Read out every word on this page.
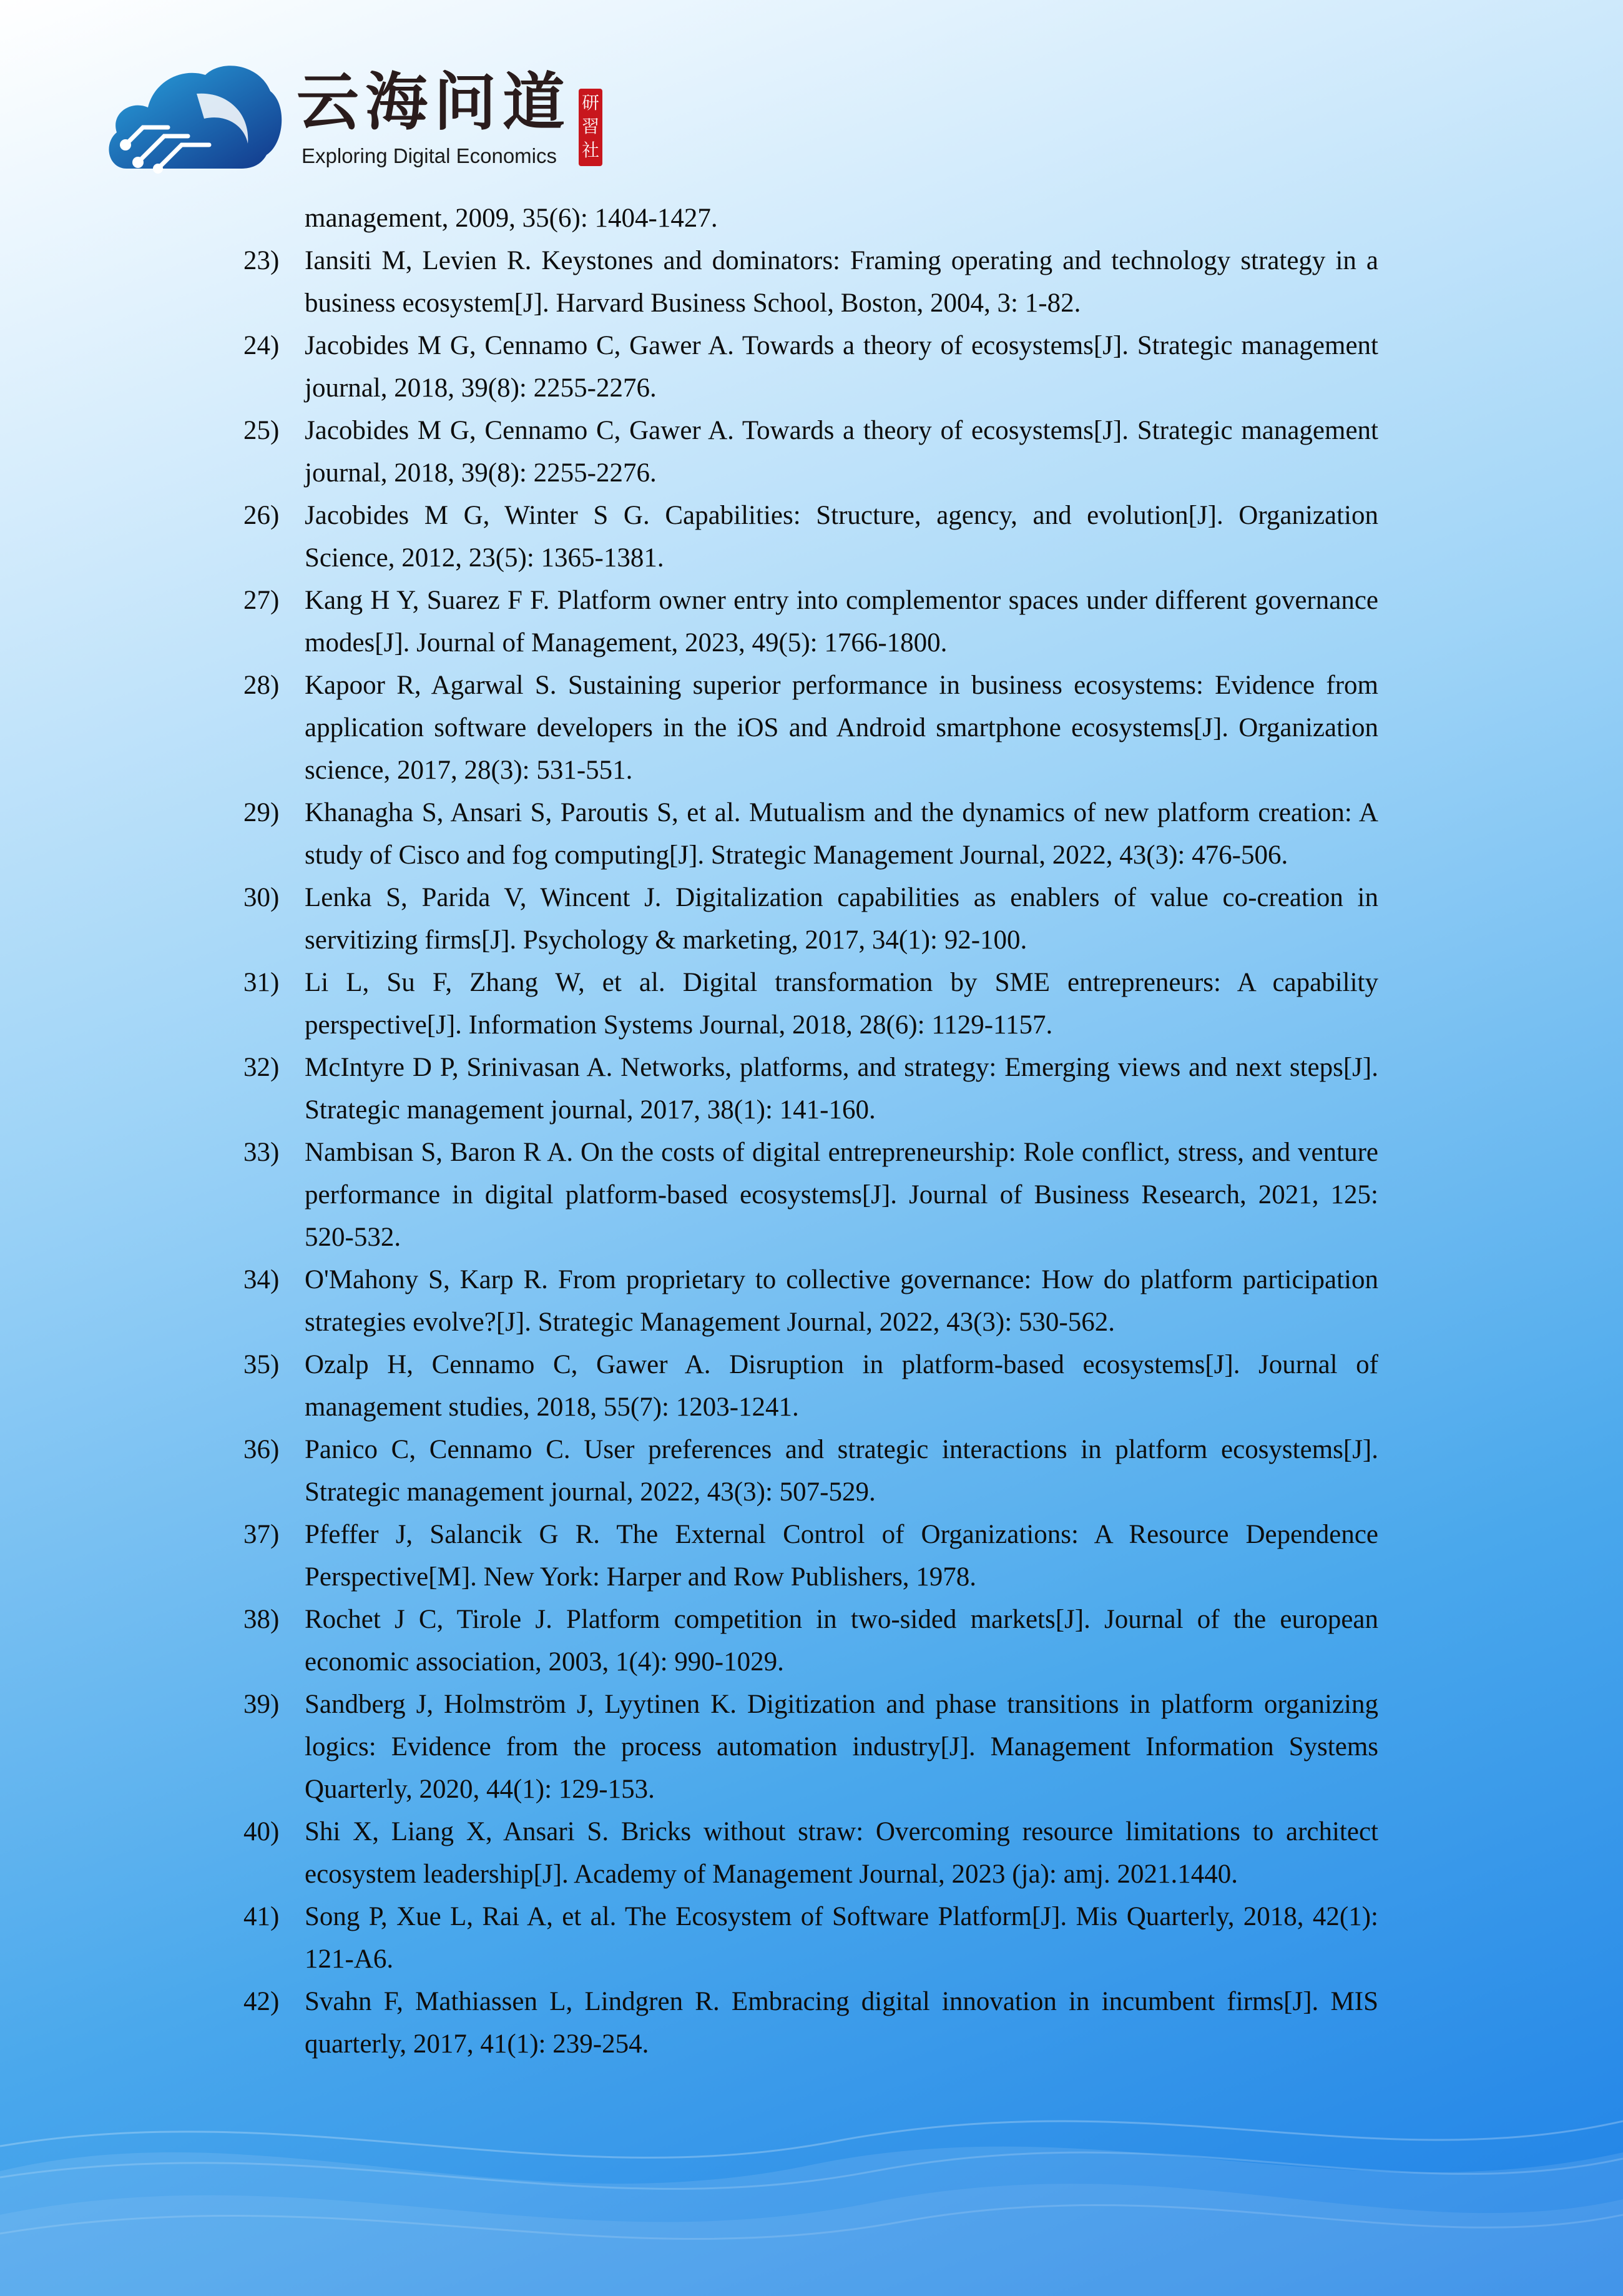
云海问道
Exploring Digital Economics
研
習
社
management, 2009, 35(6): 1404-1427.
23) Iansiti M, Levien R. Keystones and dominators: Framing operating and technology strategy in a business ecosystem[J]. Harvard Business School, Boston, 2004, 3: 1-82.
24) Jacobides M G, Cennamo C, Gawer A. Towards a theory of ecosystems[J]. Strategic management journal, 2018, 39(8): 2255-2276.
25) Jacobides M G, Cennamo C, Gawer A. Towards a theory of ecosystems[J]. Strategic management journal, 2018, 39(8): 2255-2276.
26) Jacobides M G, Winter S G. Capabilities: Structure, agency, and evolution[J]. Organization Science, 2012, 23(5): 1365-1381.
27) Kang H Y, Suarez F F. Platform owner entry into complementor spaces under different governance modes[J]. Journal of Management, 2023, 49(5): 1766-1800.
28) Kapoor R, Agarwal S. Sustaining superior performance in business ecosystems: Evidence from application software developers in the iOS and Android smartphone ecosystems[J]. Organization science, 2017, 28(3): 531-551.
29) Khanagha S, Ansari S, Paroutis S, et al. Mutualism and the dynamics of new platform creation: A study of Cisco and fog computing[J]. Strategic Management Journal, 2022, 43(3): 476-506.
30) Lenka S, Parida V, Wincent J. Digitalization capabilities as enablers of value co‐creation in servitizing firms[J]. Psychology & marketing, 2017, 34(1): 92-100.
31) Li L, Su F, Zhang W, et al. Digital transformation by SME entrepreneurs: A capability perspective[J]. Information Systems Journal, 2018, 28(6): 1129-1157.
32) McIntyre D P, Srinivasan A. Networks, platforms, and strategy: Emerging views and next steps[J]. Strategic management journal, 2017, 38(1): 141-160.
33) Nambisan S, Baron R A. On the costs of digital entrepreneurship: Role conflict, stress, and venture performance in digital platform-based ecosystems[J]. Journal of Business Research, 2021, 125: 520-532.
34) O'Mahony S, Karp R. From proprietary to collective governance: How do platform participation strategies evolve?[J]. Strategic Management Journal, 2022, 43(3): 530-562.
35) Ozalp H, Cennamo C, Gawer A. Disruption in platform‐based ecosystems[J]. Journal of management studies, 2018, 55(7): 1203-1241.
36) Panico C, Cennamo C. User preferences and strategic interactions in platform ecosystems[J]. Strategic management journal, 2022, 43(3): 507-529.
37) Pfeffer J, Salancik G R. The External Control of Organizations: A Resource Dependence Perspective[M]. New York: Harper and Row Publishers, 1978.
38) Rochet J C, Tirole J. Platform competition in two-sided markets[J]. Journal of the european economic association, 2003, 1(4): 990-1029.
39) Sandberg J, Holmström J, Lyytinen K. Digitization and phase transitions in platform organizing logics: Evidence from the process automation industry[J]. Management Information Systems Quarterly, 2020, 44(1): 129-153.
40) Shi X, Liang X, Ansari S. Bricks without straw: Overcoming resource limitations to architect ecosystem leadership[J]. Academy of Management Journal, 2023 (ja): amj. 2021.1440.
41) Song P, Xue L, Rai A, et al. The Ecosystem of Software Platform[J]. Mis Quarterly, 2018, 42(1): 121-A6.
42) Svahn F, Mathiassen L, Lindgren R. Embracing digital innovation in incumbent firms[J]. MIS quarterly, 2017, 41(1): 239-254.
